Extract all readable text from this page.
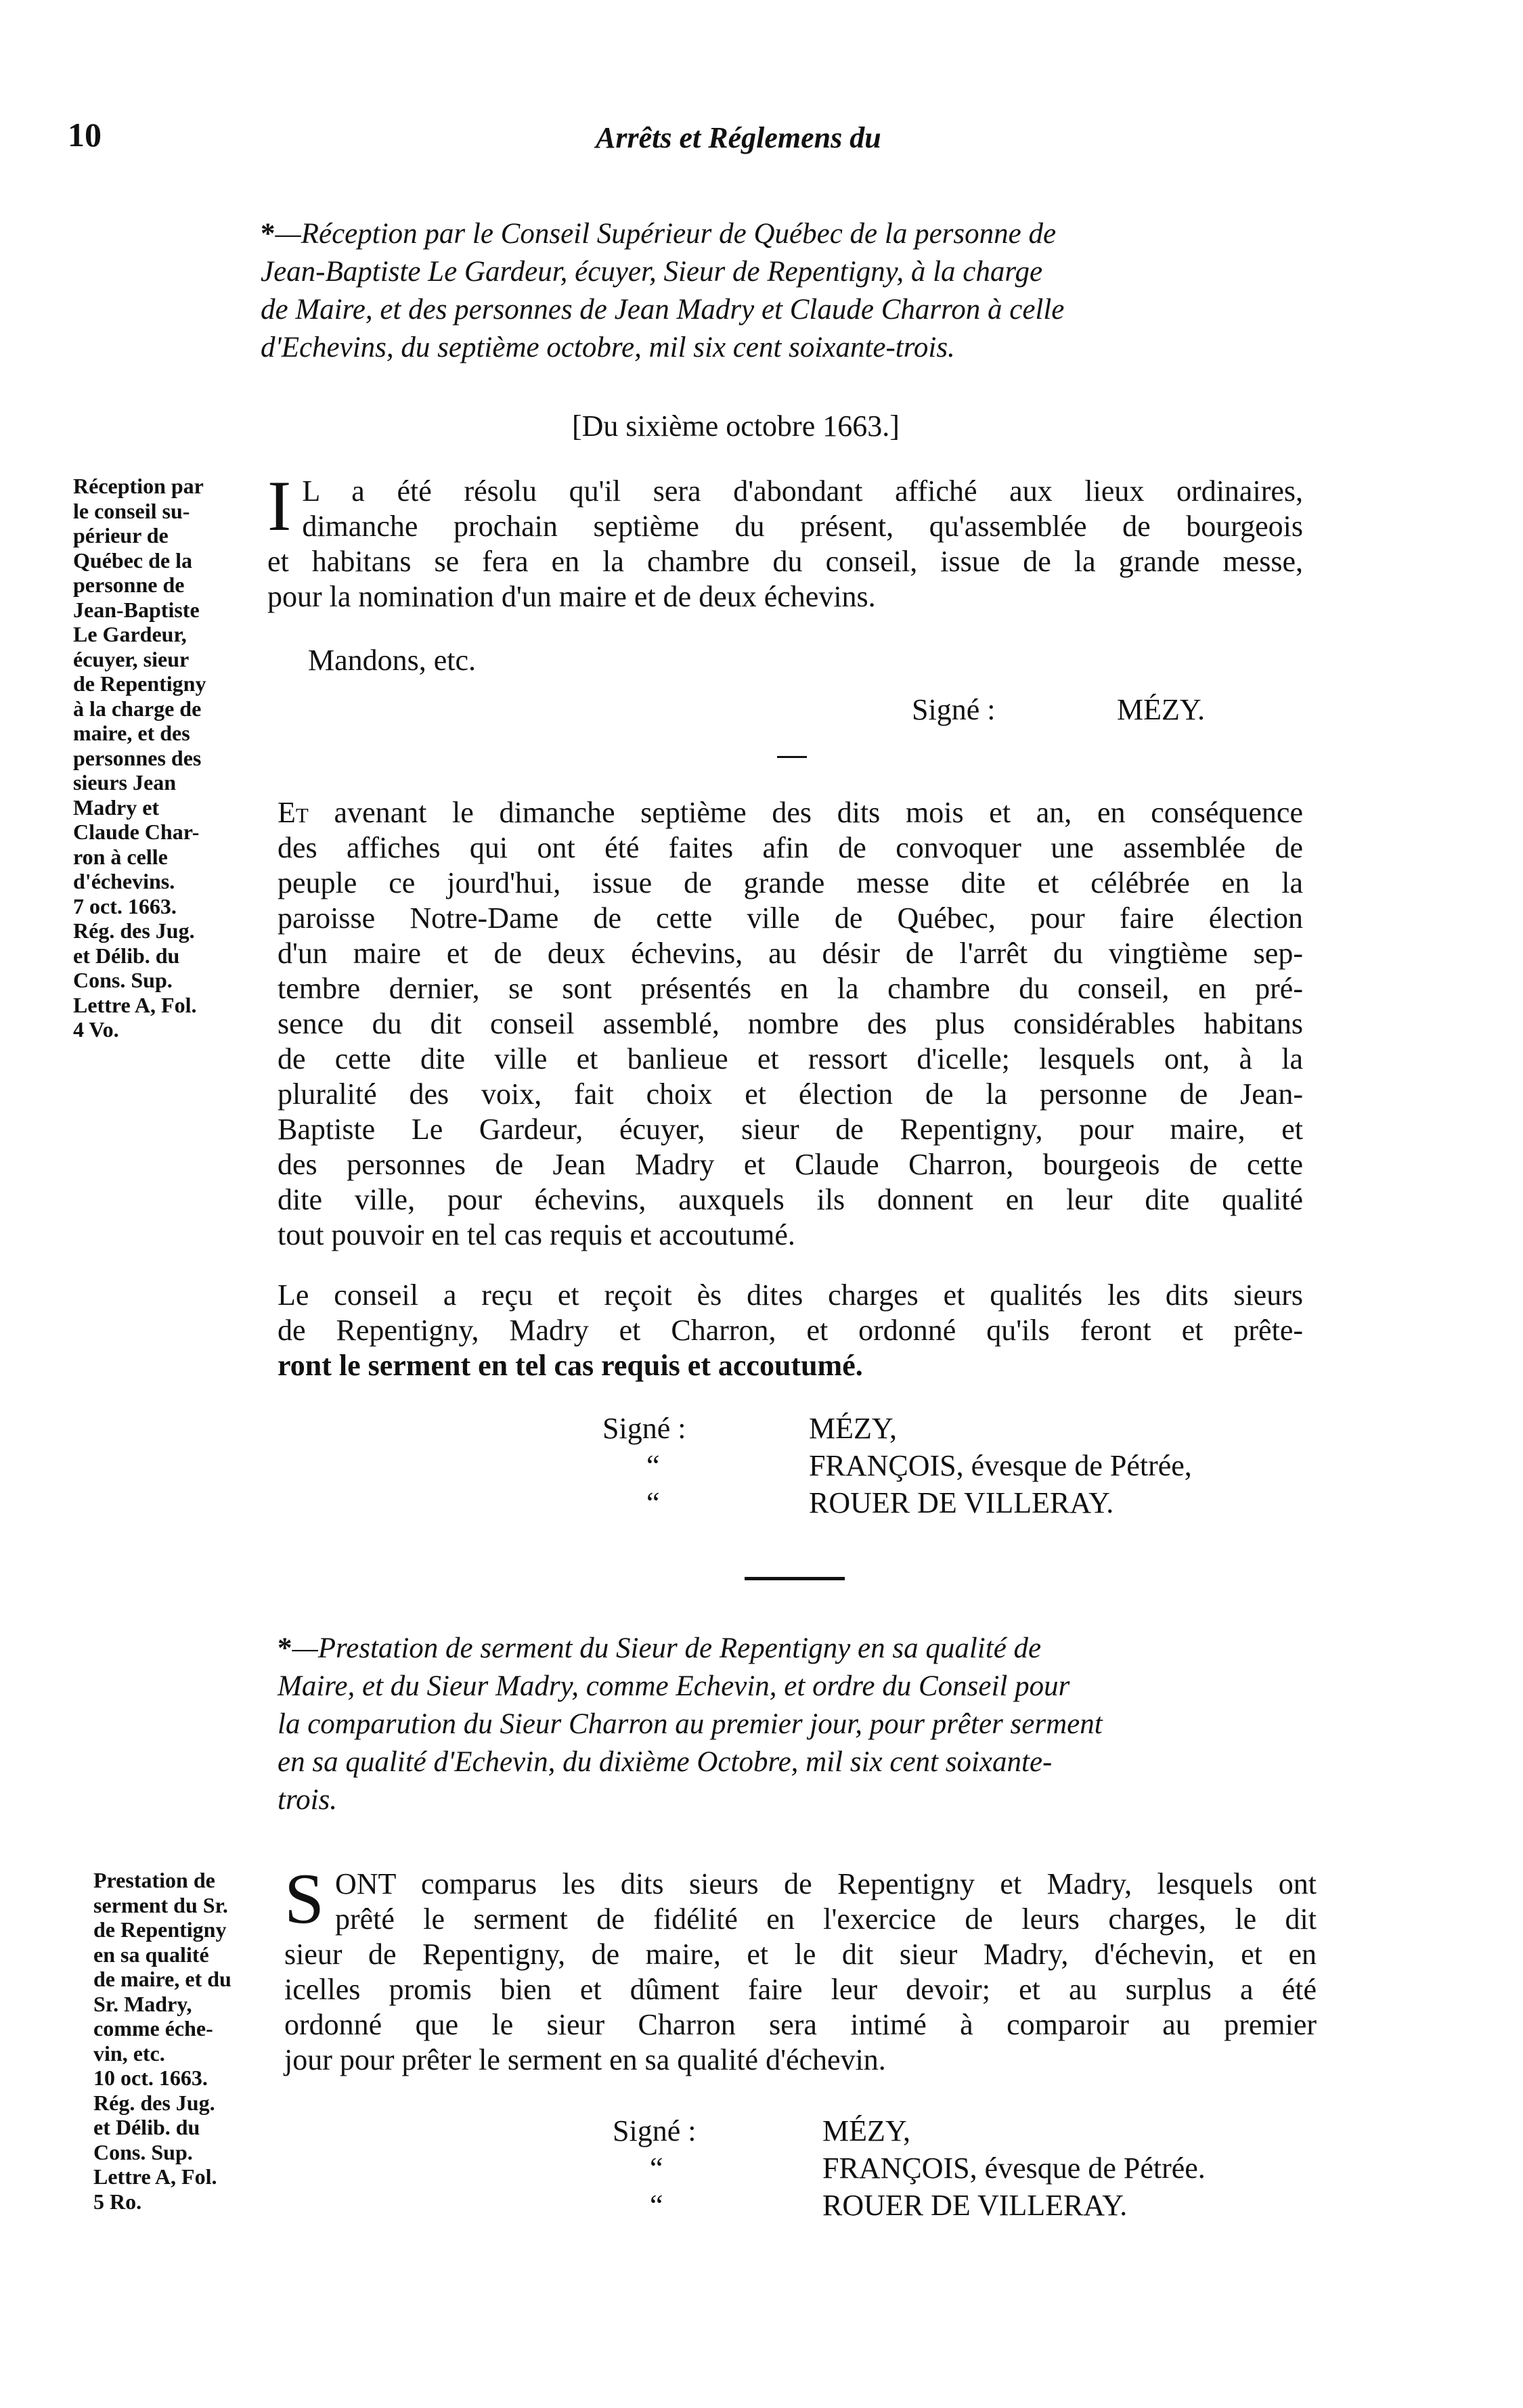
10	Arrêts et Réglemens du

*—Réception par le Conseil Supérieur de Québec de la personne de

Jean-Baptiste Le Gardeur, écuyer, Sieur de Repentigny, à la charge

de Maire, et des personnes de Jean Madry et Claude Charron à celle

d'Echevins, du septième octobre, mil six cent soixante-trois.

[Du sixième octobre 1663.]
Réception par
le conseil su-
périeur de
Québec de la
personne de
Jean-Baptiste
Le Gardeur,
écuyer, sieur
de Repentigny
à la charge de
maire, et des
personnes des
sieurs Jean
Madry et
Claude Char-
ron à celle
d'échevins.
7 oct. 1663.
Rég. des Jug.
et Délib. du
Cons. Sup.
Lettre A, Fol.
4 Vo.
I L a été résolu qu'il sera d'abondant affiché aux lieux ordinaires,
dimanche prochain septième du présent, qu'assemblée de bourgeois
et habitans se fera en la chambre du conseil, issue de la grande messe,
pour la nomination d'un maire et de deux échevins.
Mandons, etc.
Signé :	MÉZY.
Et avenant le dimanche septième des dits mois et an, en conséquence
des affiches qui ont été faites afin de convoquer une assemblée de
peuple ce jourd'hui, issue de grande messe dite et célébrée en la
paroisse Notre-Dame de cette ville de Québec, pour faire élection
d'un maire et de deux échevins, au désir de l'arrêt du vingtième sep-
tembre dernier, se sont présentés en la chambre du conseil, en pré-
sence du dit conseil assemblé, nombre des plus considérables habitans
de cette dite ville et banlieue et ressort d'icelle; lesquels ont, à la
pluralité des voix, fait choix et élection de la personne de Jean-
Baptiste Le Gardeur, écuyer, sieur de Repentigny, pour maire, et
des personnes de Jean Madry et Claude Charron, bourgeois de cette
dite ville, pour échevins, auxquels ils donnent en leur dite qualité
tout pouvoir en tel cas requis et accoutumé.
Le conseil a reçu et reçoit ès dites charges et qualités les dits sieurs
de Repentigny, Madry et Charron, et ordonné qu'ils feront et prête-
ront le serment en tel cas requis et accoutumé.
Signé :
“
“
MÉZY,
FRANÇOIS, évesque de Pétrée,
ROUER DE VILLERAY.

*—Prestation de serment du Sieur de Repentigny en sa qualité de

Maire, et du Sieur Madry, comme Echevin, et ordre du Conseil pour

la comparution du Sieur Charron au premier jour, pour prêter serment

en sa qualité d'Echevin, du dixième Octobre, mil six cent soixante-

trois.

Prestation de
serment du Sr.
de Repentigny
en sa qualité
de maire, et du
Sr. Madry,
comme éche-
vin, etc.
10 oct. 1663.
Rég. des Jug.
et Délib. du
Cons. Sup.
Lettre A, Fol.
5 Ro.
S ONT comparus les dits sieurs de Repentigny et Madry, lesquels ont
prêté le serment de fidélité en l'exercice de leurs charges, le dit
sieur de Repentigny, de maire, et le dit sieur Madry, d'échevin, et en
icelles promis bien et dûment faire leur devoir; et au surplus a été
ordonné que le sieur Charron sera intimé à comparoir au premier
jour pour prêter le serment en sa qualité d'échevin.
Signé :
“
“
MÉZY,
FRANÇOIS, évesque de Pétrée.
ROUER DE VILLERAY.
